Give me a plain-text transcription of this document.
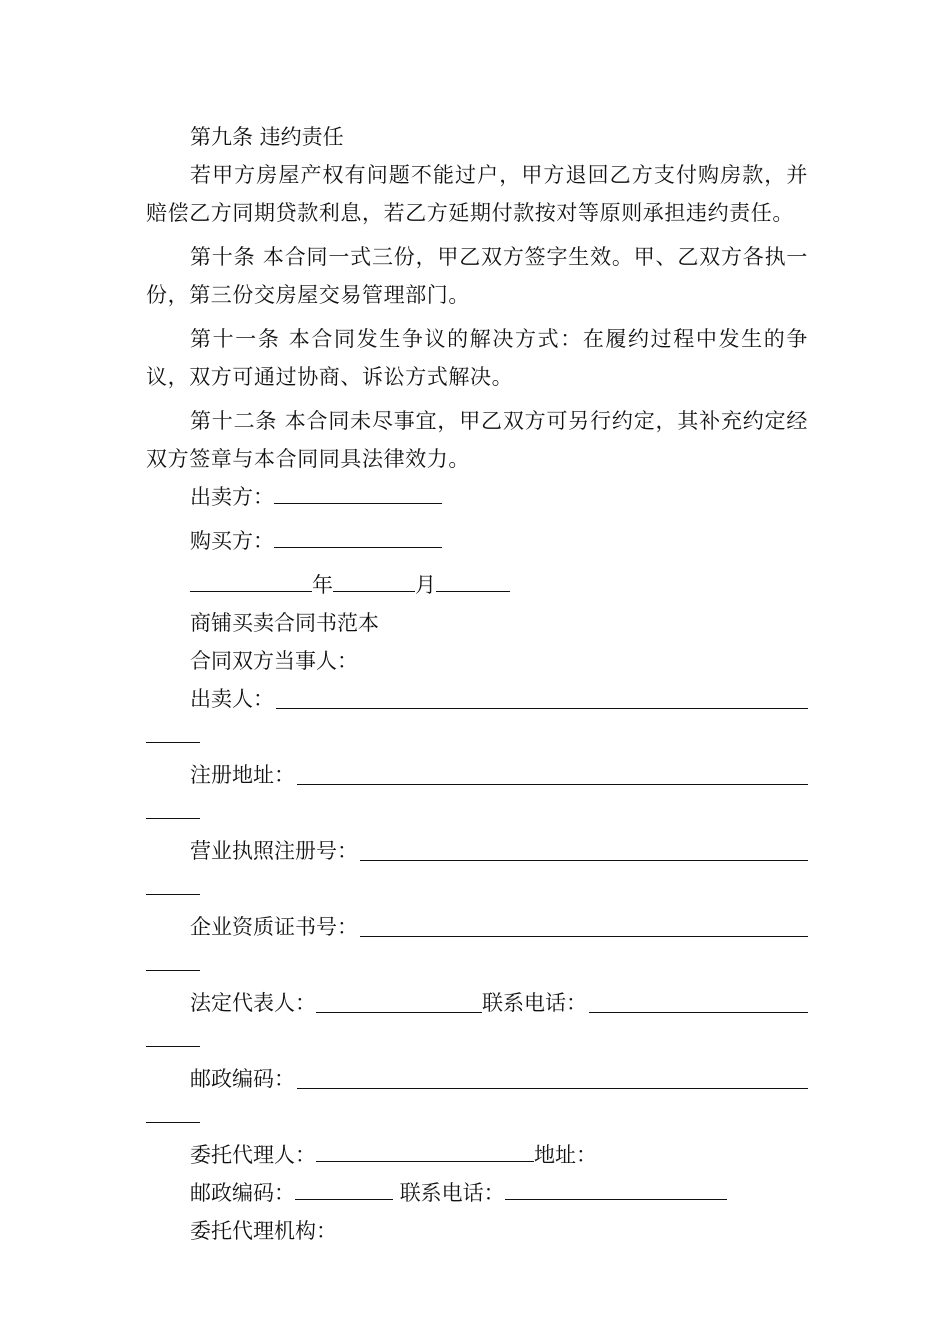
第九条 违约责任

若甲方房屋产权有问题不能过户，甲方退回乙方支付购房款，并赔偿乙方同期贷款利息，若乙方延期付款按对等原则承担违约责任。

第十条 本合同一式三份，甲乙双方签字生效。甲、乙双方各执一份，第三份交房屋交易管理部门。

第十一条 本合同发生争议的解决方式：在履约过程中发生的争议，双方可通过协商、诉讼方式解决。

第十二条 本合同未尽事宜，甲乙双方可另行约定，其补充约定经双方签章与本合同同具法律效力。

出卖方：

购买方：

年	月

商铺买卖合同书范本

合同双方当事人：

出卖人：
注册地址：
营业执照注册号：
企业资质证书号：
法定代表人：	联系电话：
邮政编码：

委托代理人：	地址：

邮政编码：	联系电话：

委托代理机构：
